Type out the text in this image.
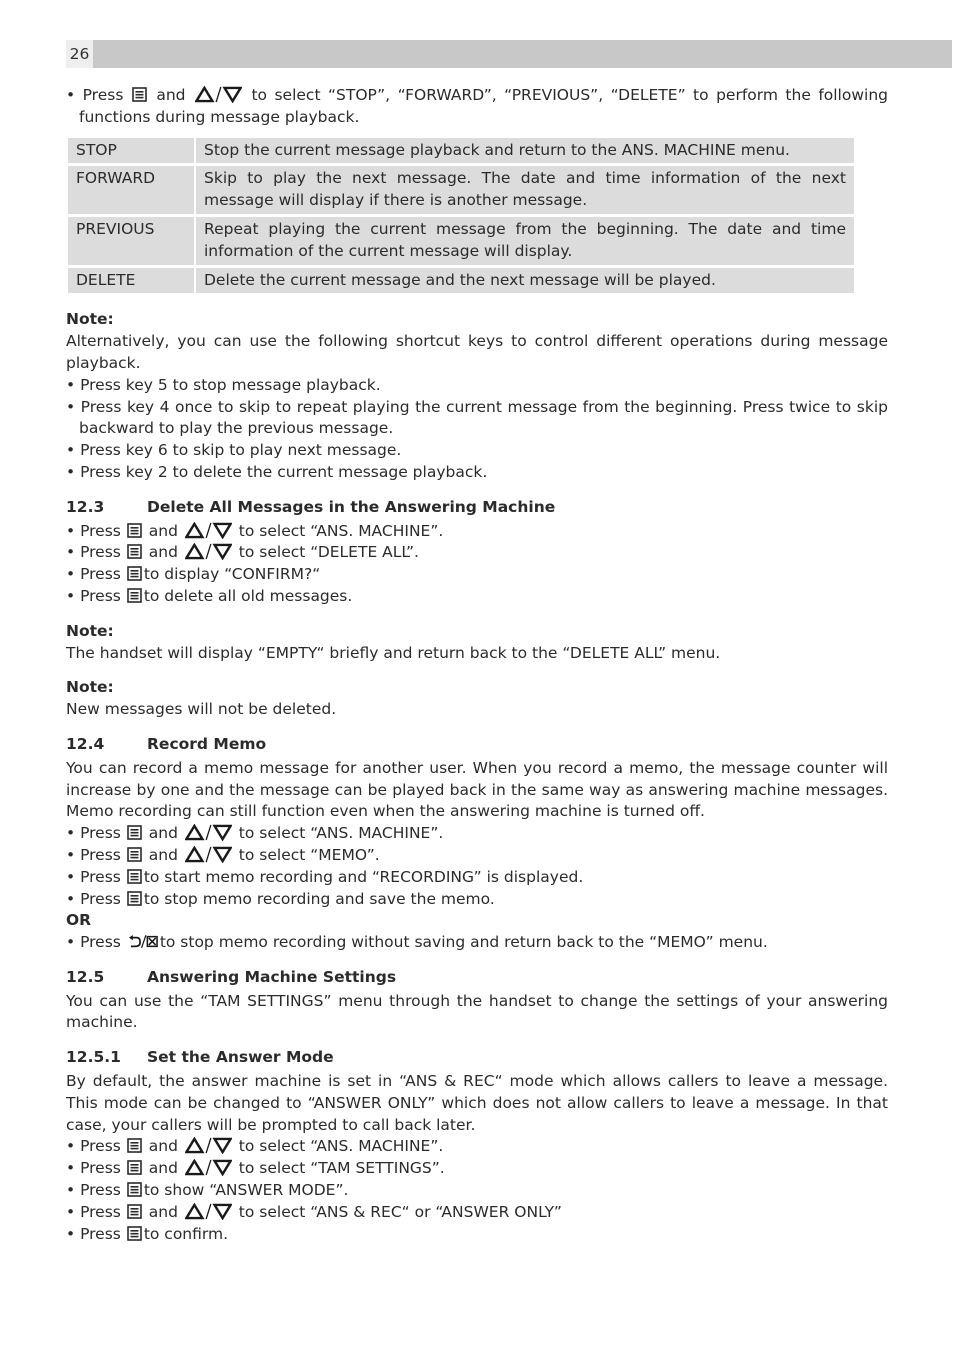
26

• Press and	to select “STOP”, “FORWARD”, “PREVIOUS”, “DELETE” to perform the following functions during message playback.

STOP	Stop the current message playback and return to the ANS. MACHINE menu.
FORWARD	Skip to play the next message. The date and time information of the next message will display if there is another message.
PREVIOUS	Repeat playing the current message from the beginning. The date and time information of the current message will display.
DELETE	Delete the current message and the next message will be played.

Note:

Alternatively, you can use the following shortcut keys to control different operations during message playback.

• Press key 5 to stop message playback.

• Press key 4 once to skip to repeat playing the current message from the beginning. Press twice to skip backward to play the previous message.

• Press key 6 to skip to play next message.

• Press key 2 to delete the current message playback.

12.3	Delete All Messages in the Answering Machine

• Press and	to select “ANS. MACHINE”.

• Press and	to select “DELETE ALL”.

• Press to display “CONFIRM?“

• Press to delete all old messages.

Note:

The handset will display “EMPTY“ briefly and return back to the “DELETE ALL” menu.

Note:

New messages will not be deleted.

12.4	Record Memo

You can record a memo message for another user. When you record a memo, the message counter will increase by one and the message can be played back in the same way as answering machine messages. Memo recording can still function even when the answering machine is turned off.

• Press and	to select “ANS. MACHINE”.

• Press and	to select “MEMO”.

• Press to start memo recording and “RECORDING” is displayed.

• Press to stop memo recording and save the memo.

OR

• Press	to stop memo recording without saving and return back to the “MEMO” menu.

12.5	Answering Machine Settings

You can use the “TAM SETTINGS” menu through the handset to change the settings of your answering machine.

12.5.1 Set the Answer Mode

By default, the answer machine is set in “ANS & REC“ mode which allows callers to leave a message. This mode can be changed to “ANSWER ONLY” which does not allow callers to leave a message. In that case, your callers will be prompted to call back later.

• Press and	to select “ANS. MACHINE”.

• Press and	to select “TAM SETTINGS”.

• Press to show “ANSWER MODE”.

• Press and	to select “ANS & REC“ or “ANSWER ONLY”

• Press to confirm.
